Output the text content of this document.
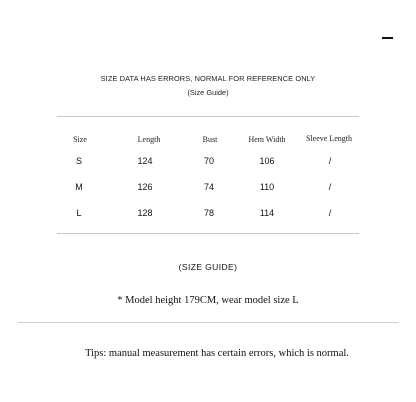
SIZE DATA HAS ERRORS, NORMAL FOR REFERENCE ONLY
(Size Guide)
Size	Length	Bust	Hem Width	Sleeve Length
S	124	70	106	/
M	126	74	110	/
L	128	78	114	/
(SIZE GUIDE)
* Model height 179CM, wear model size L
Tips: manual measurement has certain errors, which is normal.
